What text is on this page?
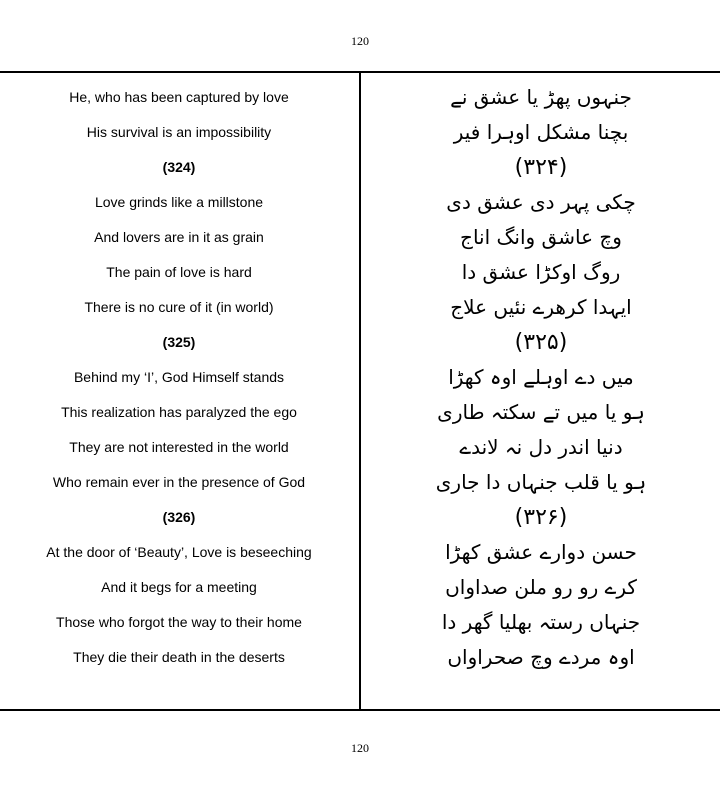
120
He, who has been captured by love
His survival is an impossibility
(324)
Love grinds like a millstone
And lovers are in it as grain
The pain of love is hard
There is no cure of it (in world)
(325)
Behind my ‘I’, God Himself stands
This realization has paralyzed the ego
They are not interested in the world
Who remain ever in the presence of God
(326)
At the door of ‘Beauty’, Love is beseeching
And it begs for a meeting
Those who forgot the way to their home
They die their death in the deserts
جنہوں پھڑ یا عشق نے
بچنا مشکل اوہرا فیر
(۳۲۴)
چکی پہر دی عشق دی
وچ عاشق وانگ اناج
روگ اوکڑا عشق دا
ایہدا کرھرے نئیں علاج
(۳۲۵)
میں دے اوہلے اوہ کھڑا
ہو یا میں تے سکتہ طاری
دنیا اندر دل نہ لاندے
ہو یا قلب جنہاں دا جاری
(۳۲۶)
حسن دوارے عشق کھڑا
کرے رو رو ملن صداواں
جنہاں رستہ بھلیا گھر دا
اوہ مردے وچ صحراواں
120
